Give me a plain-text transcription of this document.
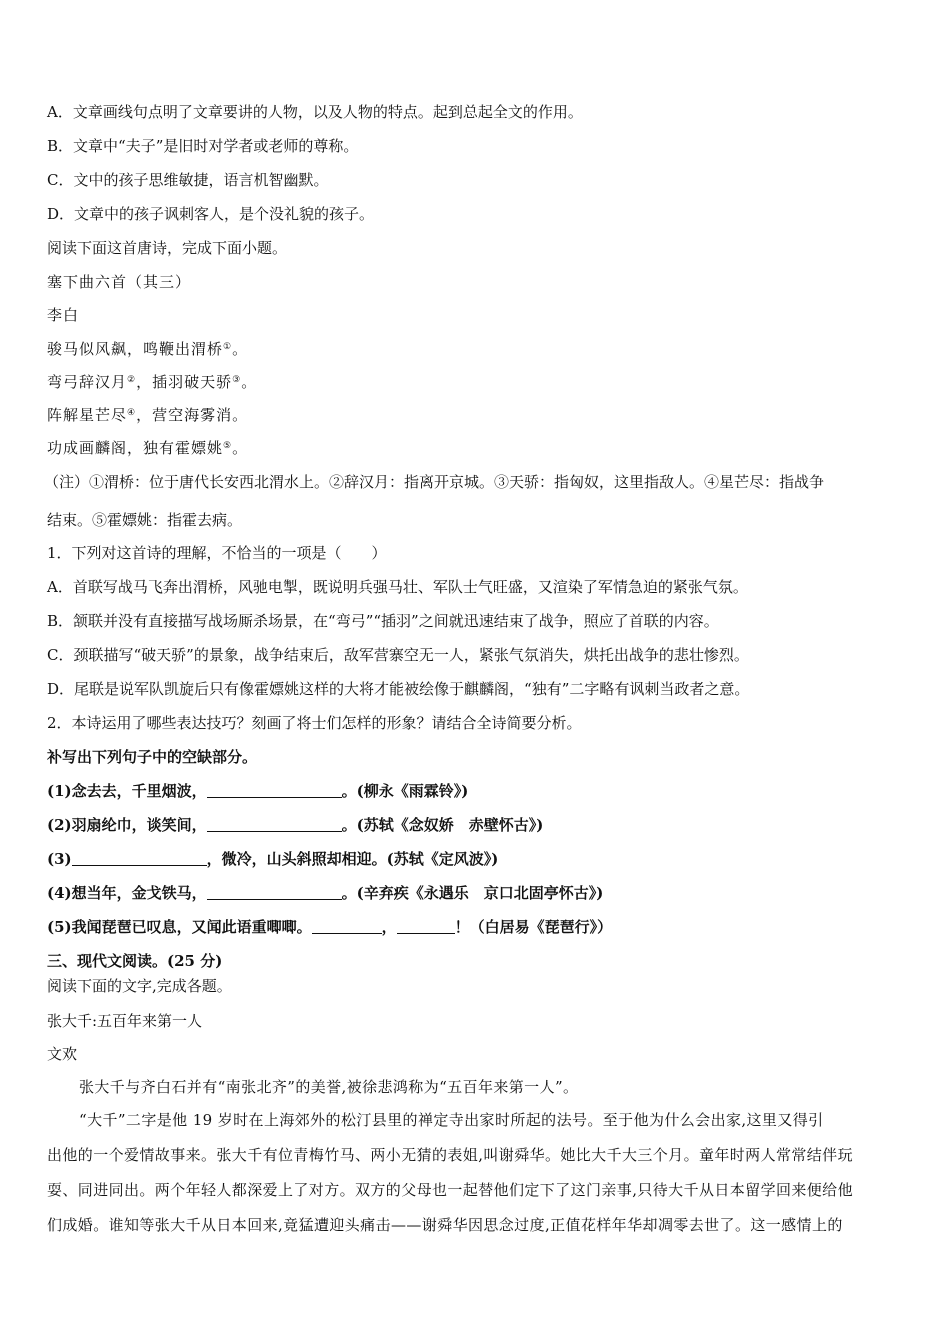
A．文章画线句点明了文章要讲的人物，以及人物的特点。起到总起全文的作用。
B．文章中“夫子”是旧时对学者或老师的尊称。
C．文中的孩子思维敏捷，语言机智幽默。
D．文章中的孩子讽刺客人，是个没礼貌的孩子。
阅读下面这首唐诗，完成下面小题。
塞下曲六首（其三）
李白
骏马似风飙，鸣鞭出渭桥①。
弯弓辞汉月②，插羽破天骄③。
阵解星芒尽④，营空海雾消。
功成画麟阁，独有霍嫖姚⑤。
（注）①渭桥：位于唐代长安西北渭水上。②辞汉月：指离开京城。③天骄：指匈奴，这里指敌人。④星芒尽：指战争
结束。⑤霍嫖姚：指霍去病。
1．下列对这首诗的理解，不恰当的一项是（　　）
A．首联写战马飞奔出渭桥，风驰电掣，既说明兵强马壮、军队士气旺盛，又渲染了军情急迫的紧张气氛。
B．颔联并没有直接描写战场厮杀场景，在“弯弓”“插羽”之间就迅速结束了战争，照应了首联的内容。
C．颈联描写“破天骄”的景象，战争结束后，敌军营寨空无一人，紧张气氛消失，烘托出战争的悲壮惨烈。
D．尾联是说军队凯旋后只有像霍嫖姚这样的大将才能被绘像于麒麟阁，“独有”二字略有讽刺当政者之意。
2．本诗运用了哪些表达技巧？刻画了将士们怎样的形象？请结合全诗简要分析。
补写出下列句子中的空缺部分。
(1)念去去，千里烟波，	。(柳永《雨霖铃》)
(2)羽扇纶巾，谈笑间，	。(苏轼《念奴娇　赤壁怀古》)
(3)	，微冷，山头斜照却相迎。(苏轼《定风波》)
(4)想当年，金戈铁马，	。(辛弃疾《永遇乐　京口北固亭怀古》)
(5)我闻琵琶已叹息，又闻此语重唧唧。	，	！（白居易《琵琶行》）
三、现代文阅读。(25 分)
阅读下面的文字,完成各题。
张大千:五百年来第一人
文欢
张大千与齐白石并有“南张北齐”的美誉,被徐悲鸿称为“五百年来第一人”。
“大千”二字是他 19 岁时在上海郊外的松汀县里的禅定寺出家时所起的法号。至于他为什么会出家,这里又得引
出他的一个爱情故事来。张大千有位青梅竹马、两小无猜的表姐,叫谢舜华。她比大千大三个月。童年时两人常常结伴玩
耍、同进同出。两个年轻人都深爱上了对方。双方的父母也一起替他们定下了这门亲事,只待大千从日本留学回来便给他
们成婚。谁知等张大千从日本回来,竟猛遭迎头痛击——谢舜华因思念过度,正值花样年华却凋零去世了。这一感情上的
